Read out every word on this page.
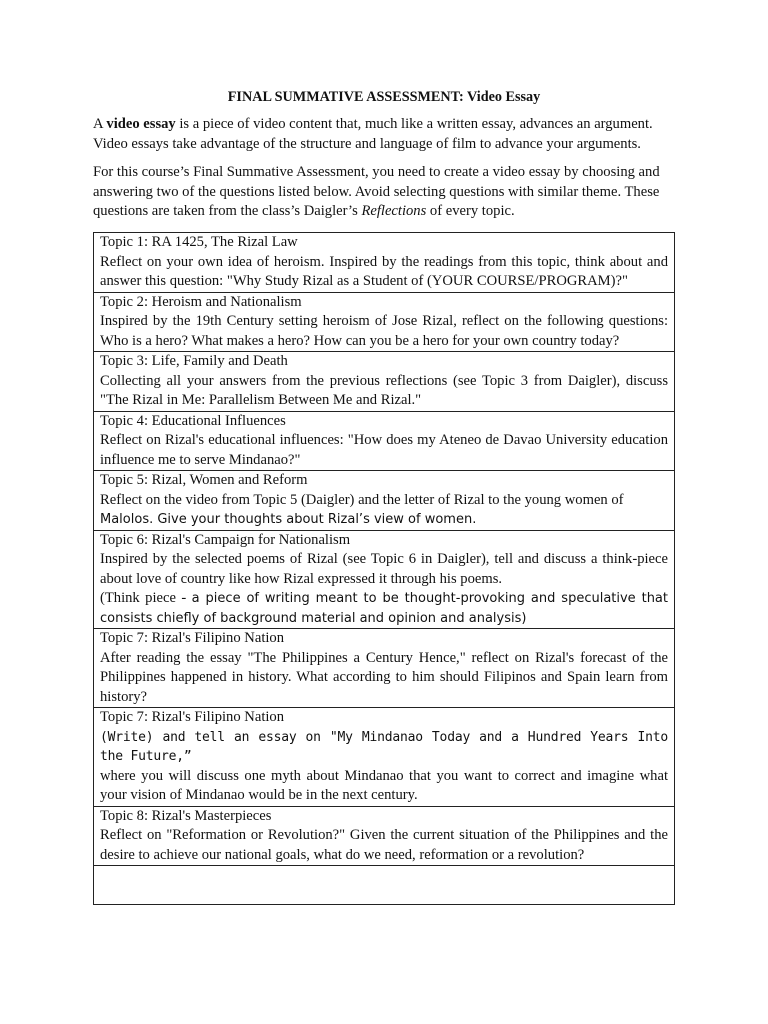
FINAL SUMMATIVE ASSESSMENT: Video Essay
A video essay is a piece of video content that, much like a written essay, advances an argument. Video essays take advantage of the structure and language of film to advance your arguments.
For this course’s Final Summative Assessment, you need to create a video essay by choosing and answering two of the questions listed below. Avoid selecting questions with similar theme. These questions are taken from the class’s Daigler’s Reflections of every topic.
Topic 1: RA 1425, The Rizal Law
Reflect on your own idea of heroism. Inspired by the readings from this topic, think about and answer this question: "Why Study Rizal as a Student of (YOUR COURSE/PROGRAM)?"

Topic 2: Heroism and Nationalism
Inspired by the 19th Century setting heroism of Jose Rizal, reflect on the following questions: Who is a hero? What makes a hero? How can you be a hero for your own country today?

Topic 3: Life, Family and Death
Collecting all your answers from the previous reflections (see Topic 3 from Daigler), discuss "The Rizal in Me: Parallelism Between Me and Rizal."

Topic 4: Educational Influences
Reflect on Rizal's educational influences: "How does my Ateneo de Davao University education influence me to serve Mindanao?"

Topic 5: Rizal, Women and Reform
Reflect on the video from Topic 5 (Daigler) and the letter of Rizal to the young women of
Malolos. Give your thoughts about Rizal’s view of women.

Topic 6: Rizal's Campaign for Nationalism
Inspired by the selected poems of Rizal (see Topic 6 in Daigler), tell and discuss a think-piece about love of country like how Rizal expressed it through his poems.
(Think piece - a piece of writing meant to be thought-provoking and speculative that consists chiefly of background material and opinion and analysis)

Topic 7: Rizal's Filipino Nation
After reading the essay "The Philippines a Century Hence," reflect on Rizal's forecast of the Philippines happened in history. What according to him should Filipinos and Spain learn from history?

Topic 7: Rizal's Filipino Nation
(Write) and tell an essay on "My Mindanao Today and a Hundred Years Into the Future,”
where you will discuss one myth about Mindanao that you want to correct and imagine what your vision of Mindanao would be in the next century.

Topic 8: Rizal's Masterpieces
Reflect on "Reformation or Revolution?" Given the current situation of the Philippines and the desire to achieve our national goals, what do we need, reformation or a revolution?
